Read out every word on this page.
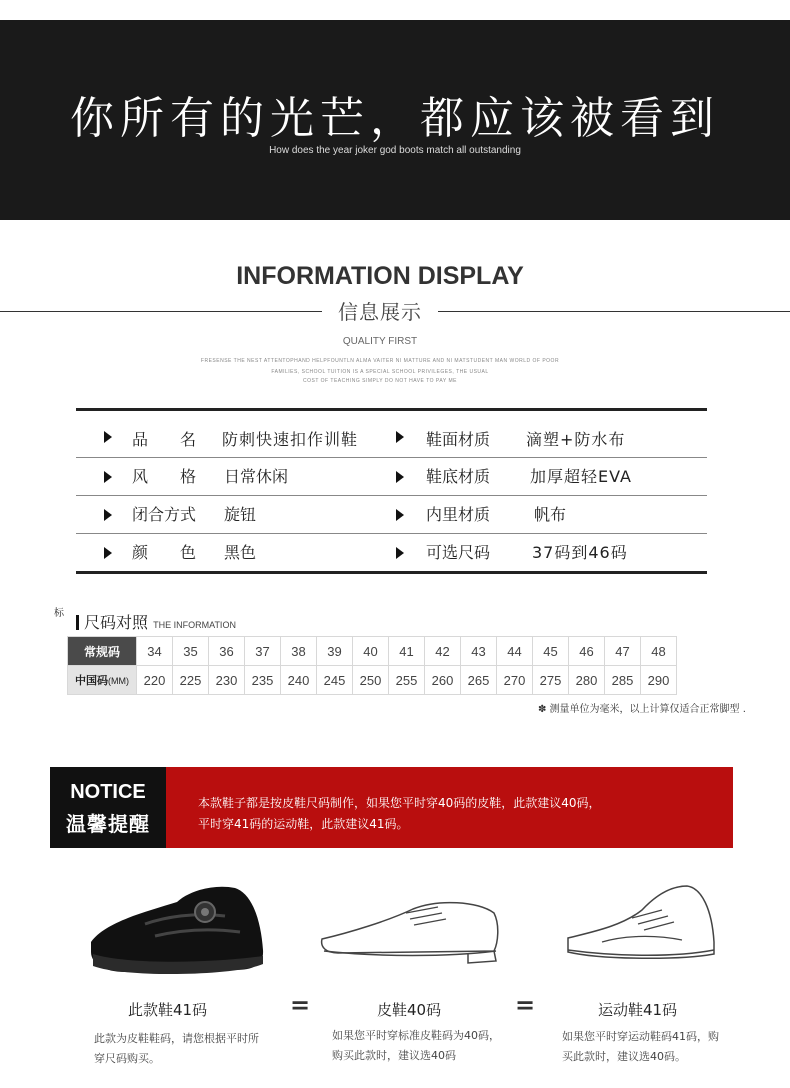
你所有的光芒，都应该被看到
How does the year joker god boots match all outstanding
INFORMATION DISPLAY
信息展示
QUALITY FIRST
FRESENSE THE NEST ATTENTOPHAND HELPFOUNTLN ALMA VAITER NI MATTURE AND NI MATSTUDENT MAN WORLD OF POOR
FAMILIES, SCHOOL TUITION IS A SPECIAL SCHOOL PRIVILEGES, THE USUAL
COST OF TEACHING SIMPLY DO NOT HAVE TO PAY ME
品　　名 防刺快速扣作训鞋	鞋面材质 滴塑+防水布
风　　格 日常休闲	鞋底材质 加厚超轻EVA
闭合方式 旋钮	内里材质	帆布
颜　　色 黑色	可选尺码	37码到46码
标	尺码对照 THE INFORMATION
常规码	34	35	36	37	38	39	40	41	42	43	44	45	46	47	48
中国码(MM)	220	225	230	235	240	245	250	255	260	265	270	275	280	285	290
✽ 测量单位为毫米，以上计算仅适合正常脚型 .
NOTICE
温馨提醒
本款鞋子都是按皮鞋尺码制作，如果您平时穿40码的皮鞋，此款建议40码，
平时穿41码的运动鞋，此款建议41码。
此款鞋41码	=	皮鞋40码	=	运动鞋41码
此款为皮鞋鞋码，请您根据平时所
穿尺码购买。
如果您平时穿标准皮鞋码为40码，
购买此款时，建议选40码
如果您平时穿运动鞋码41码，购
买此款时，建议选40码。
